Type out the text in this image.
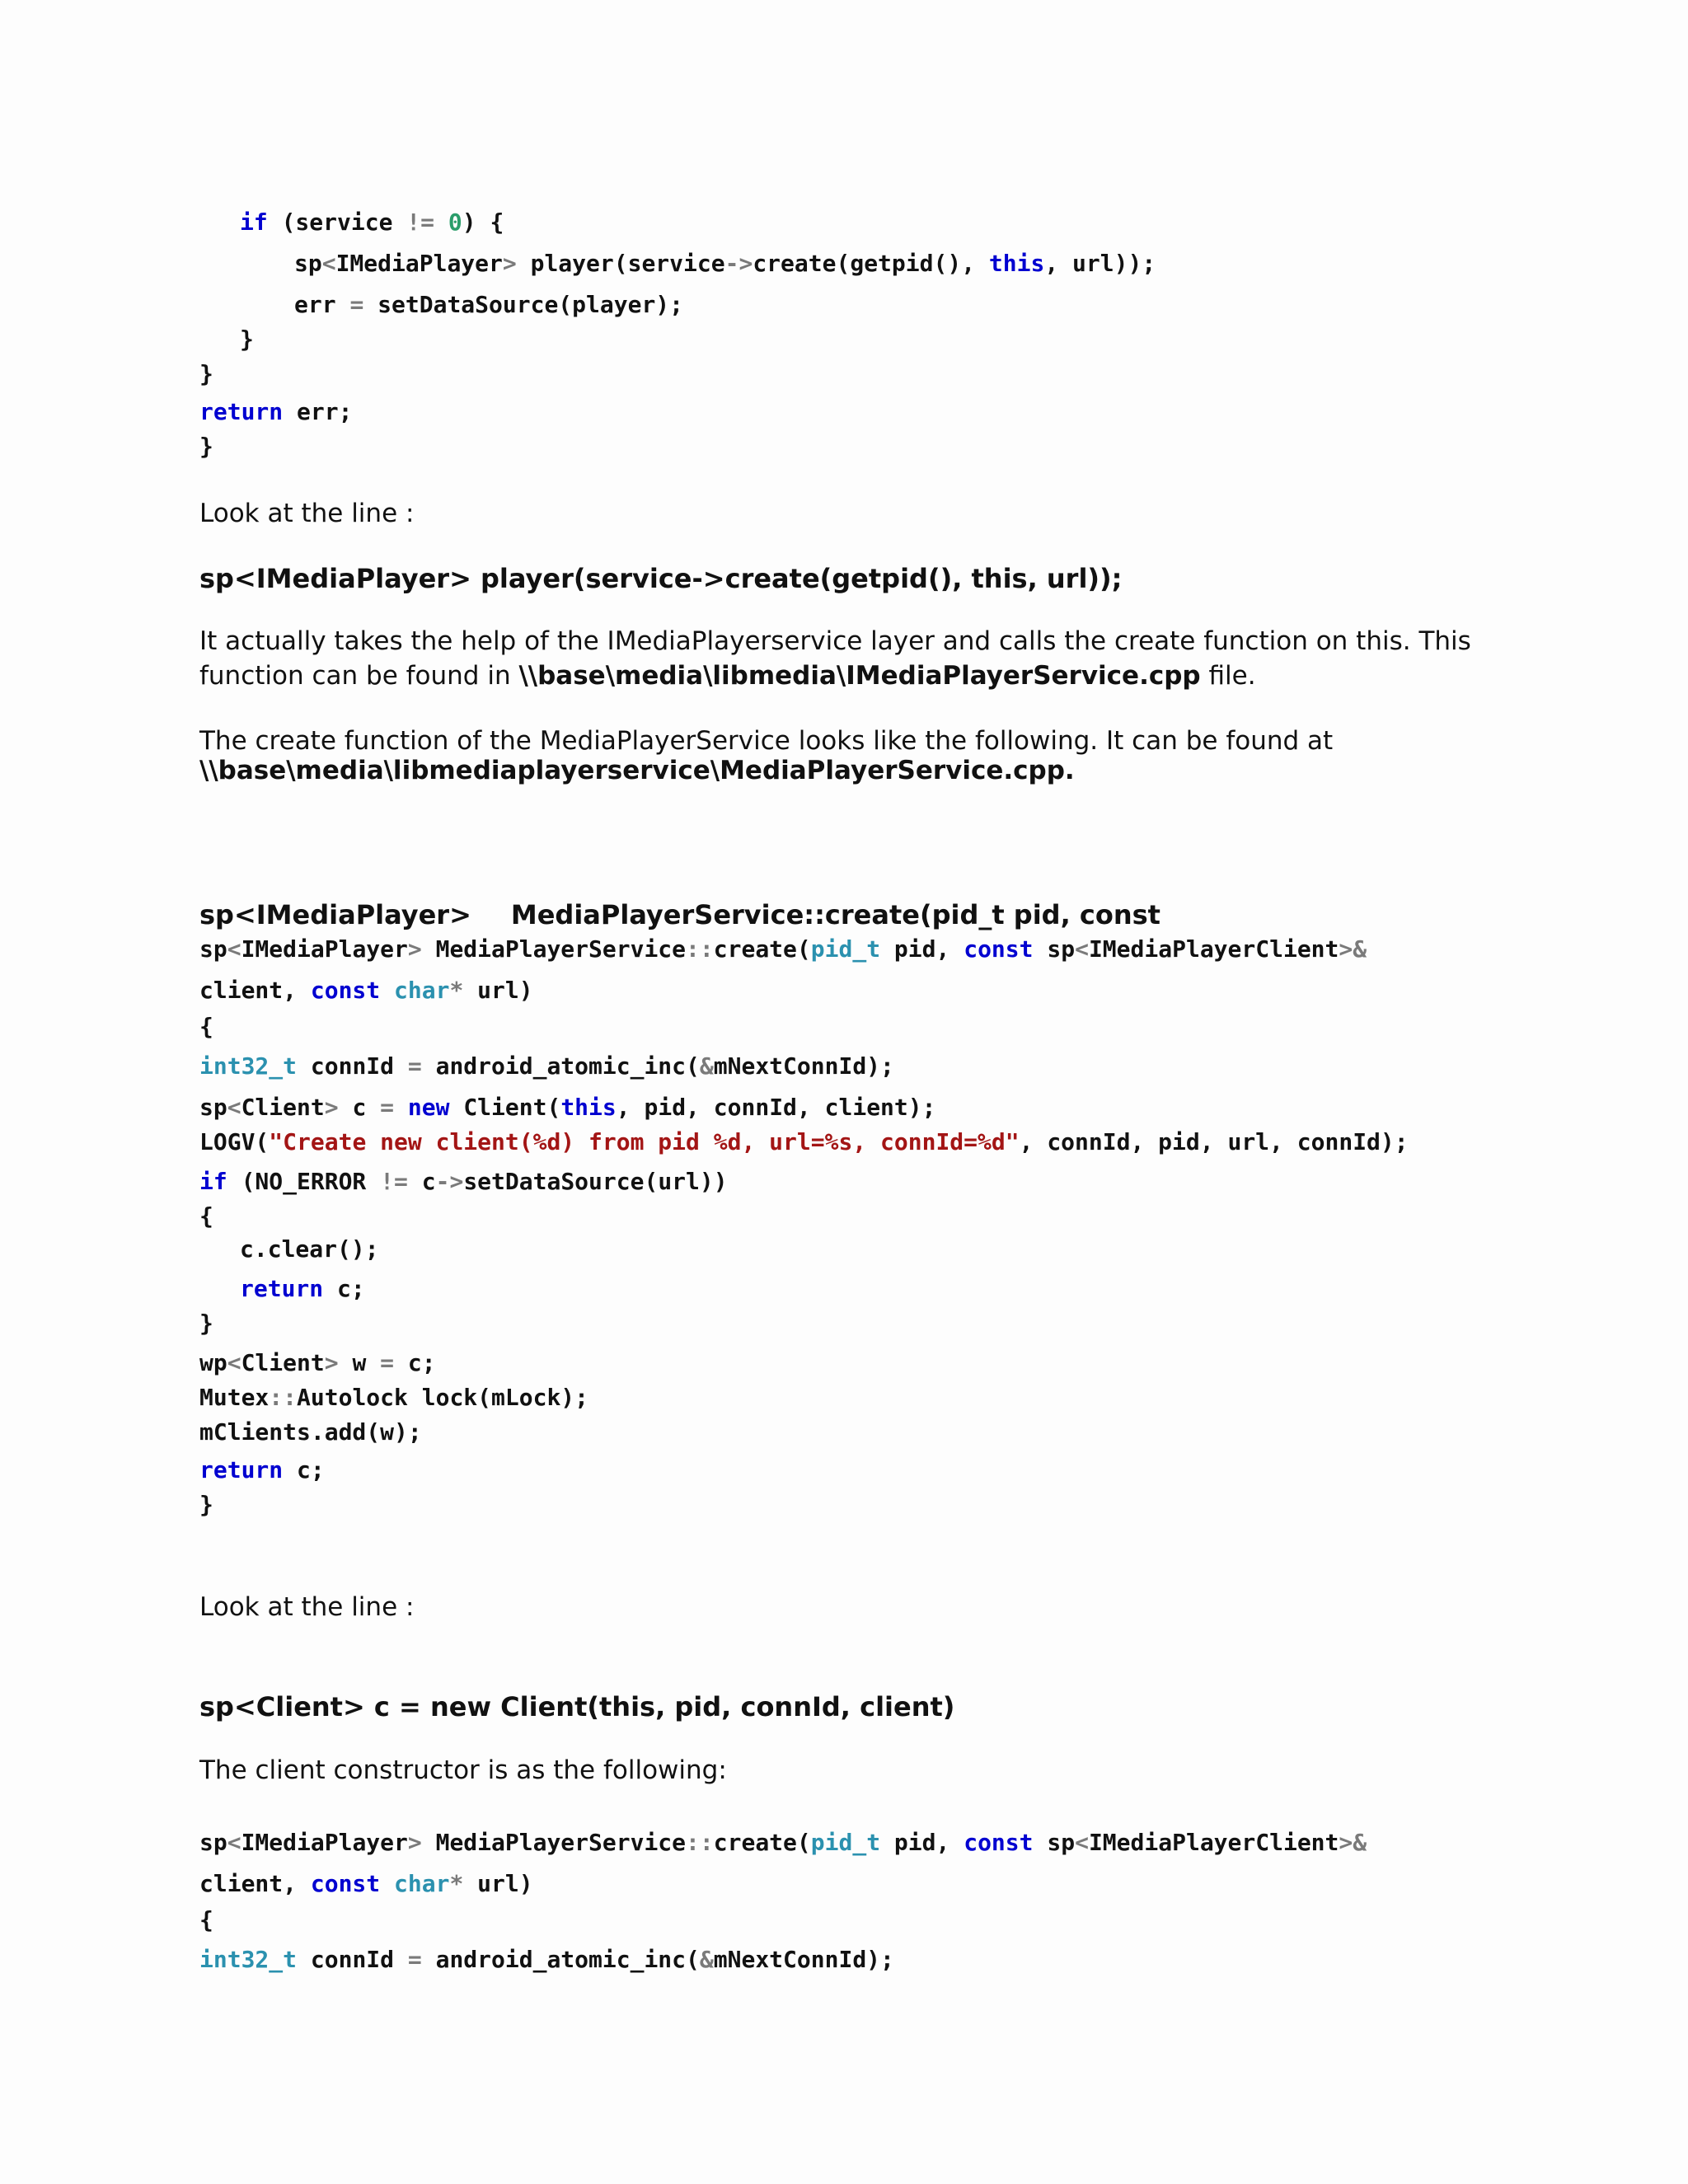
if (service != 0) {
sp<IMediaPlayer> player(service->create(getpid(), this, url));
err = setDataSource(player);
}
}
return err;
}
Look at the line :
sp<IMediaPlayer> player(service->create(getpid(), this, url));
It actually takes the help of the IMediaPlayerservice layer and calls the create function on this. This
function can be found in \\base\media\libmedia\IMediaPlayerService.cpp file.
The create function of the MediaPlayerService looks like the following. It can be found at
\\base\media\libmediaplayerservice\MediaPlayerService.cpp.
sp<IMediaPlayer> MediaPlayerService::create(pid_t pid, const
sp<IMediaPlayer> MediaPlayerService::create(pid_t pid, const sp<IMediaPlayerClient>&
client, const char* url)
{
int32_t connId = android_atomic_inc(&mNextConnId);
sp<Client> c = new Client(this, pid, connId, client);
LOGV("Create new client(%d) from pid %d, url=%s, connId=%d", connId, pid, url, connId);
if (NO_ERROR != c->setDataSource(url))
{
c.clear();
return c;
}
wp<Client> w = c;
Mutex::Autolock lock(mLock);
mClients.add(w);
return c;
}
Look at the line :
sp<Client> c = new Client(this, pid, connId, client)
The client constructor is as the following:
sp<IMediaPlayer> MediaPlayerService::create(pid_t pid, const sp<IMediaPlayerClient>&
client, const char* url)
{
int32_t connId = android_atomic_inc(&mNextConnId);
